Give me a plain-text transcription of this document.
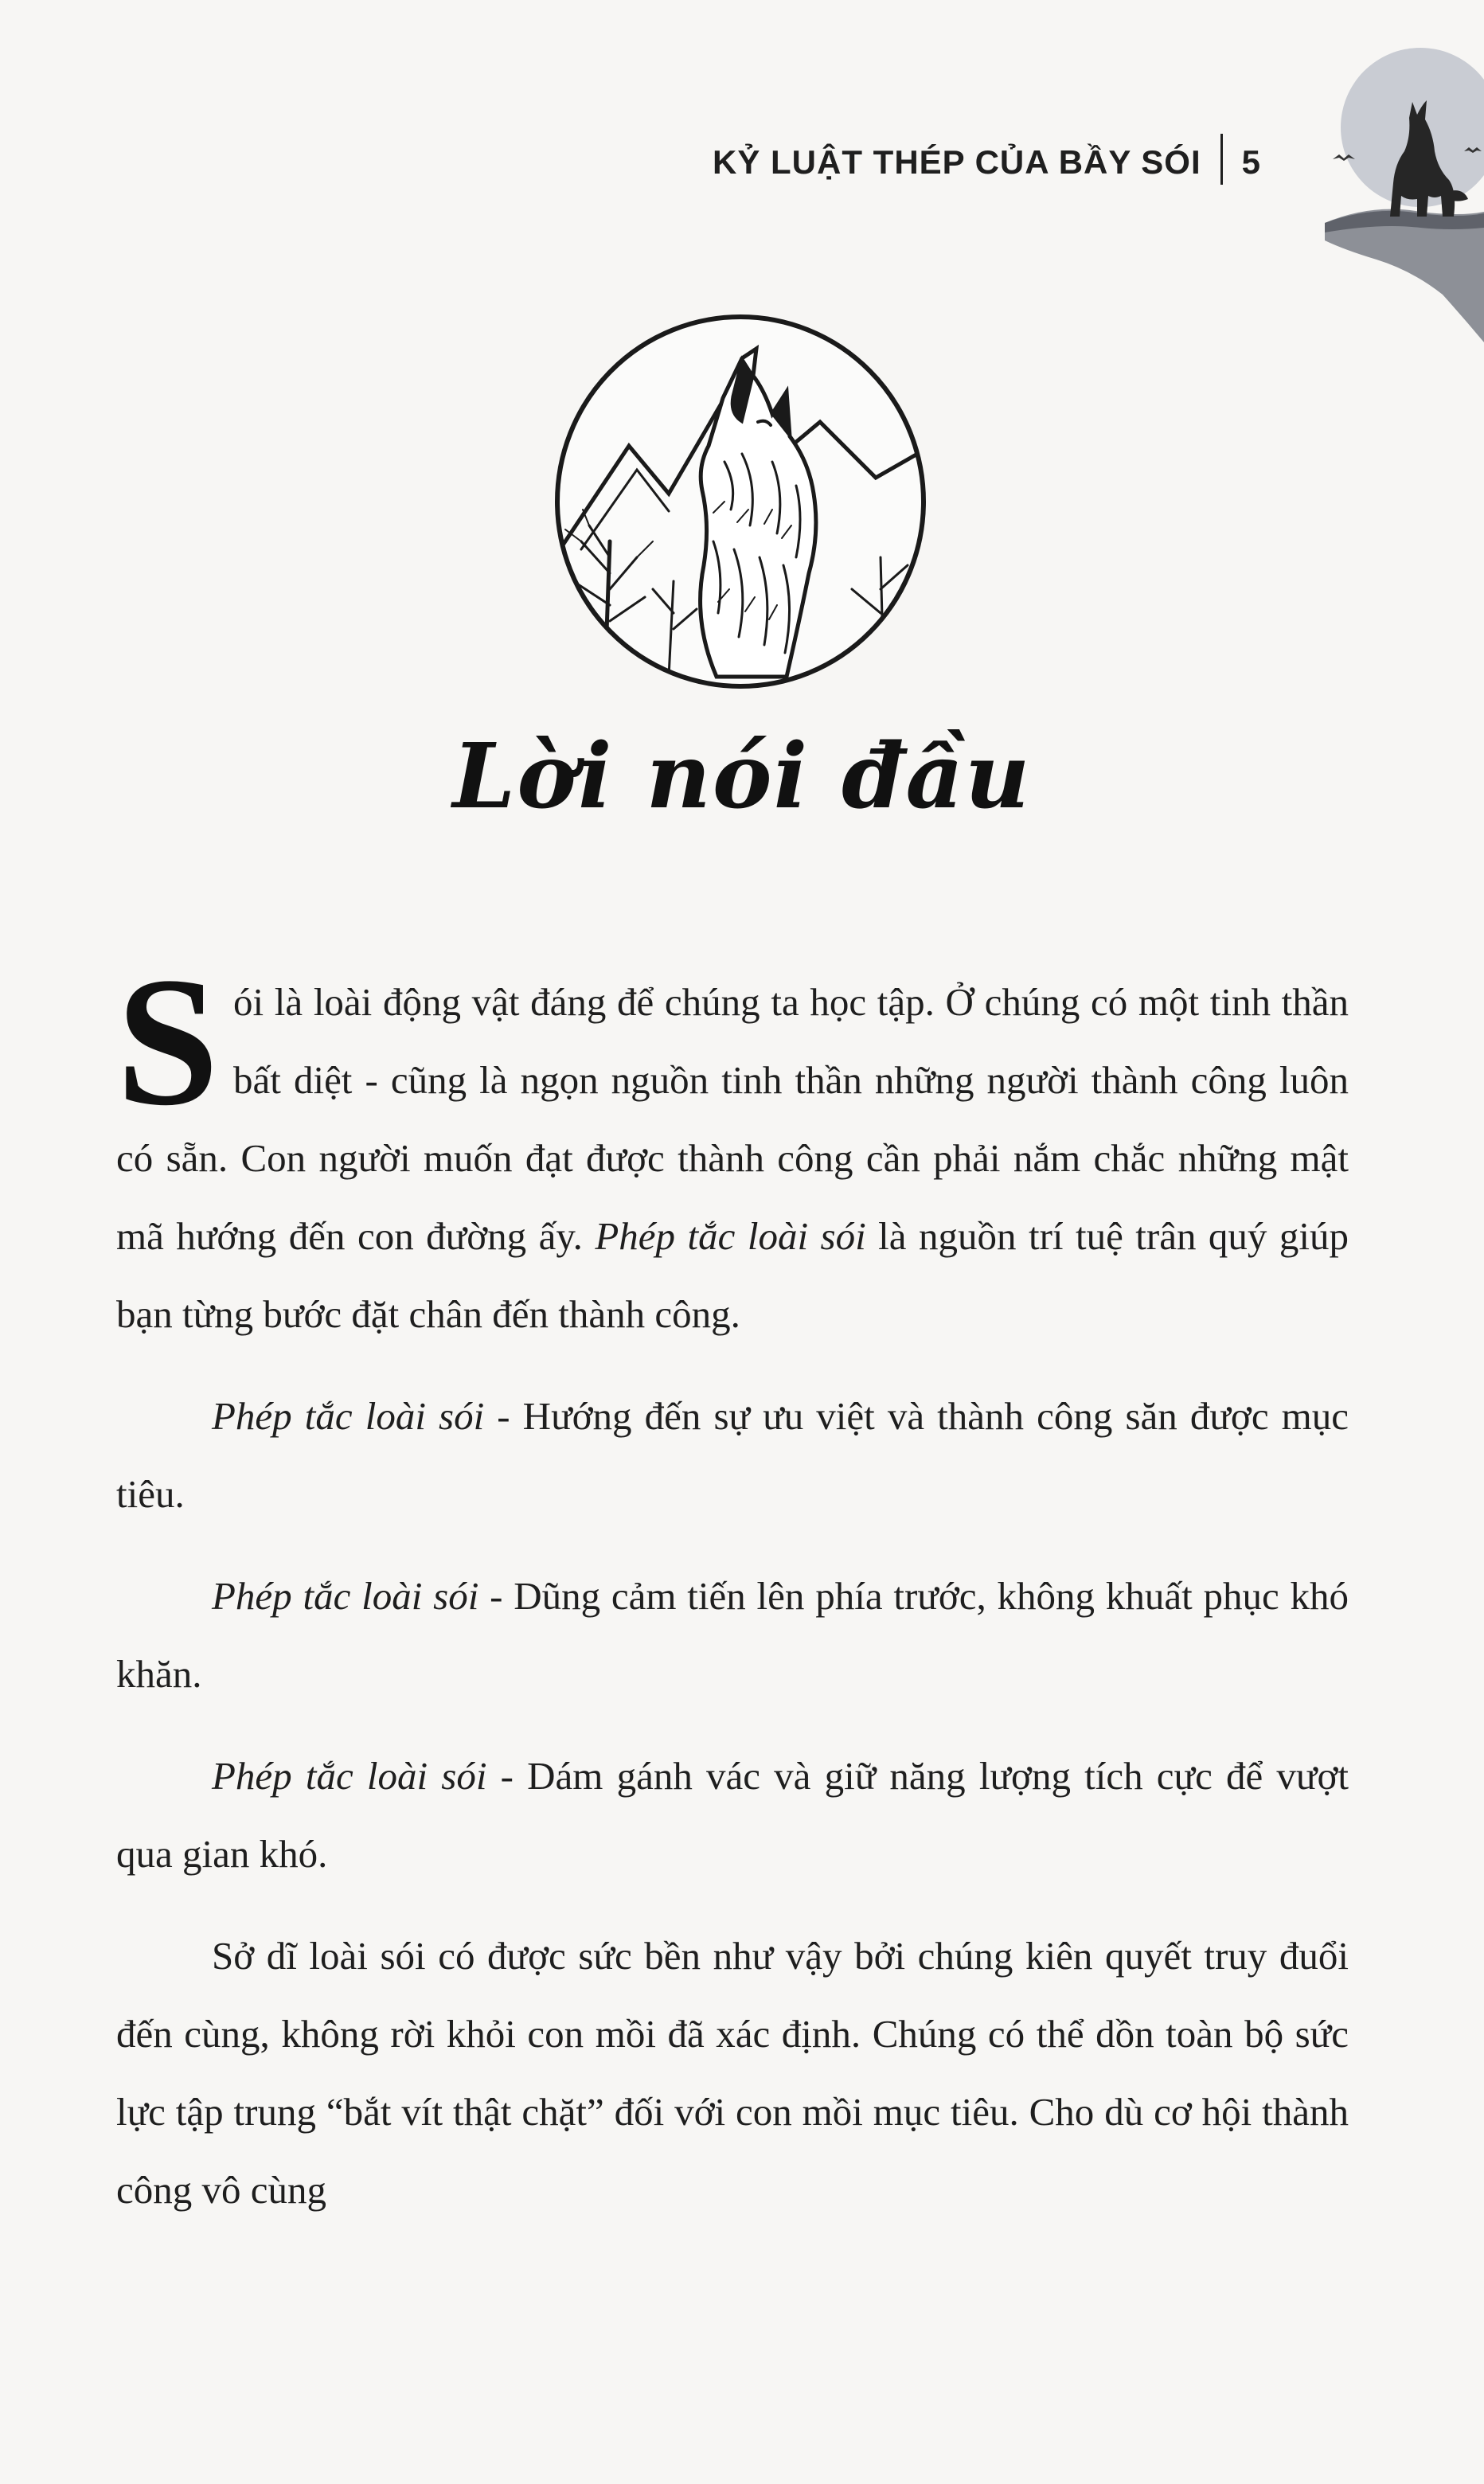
KỶ LUẬT THÉP CỦA BẦY SÓI 5
Lời nói đầu

Sói là loài động vật đáng để chúng ta học tập. Ở chúng có một tinh thần bất diệt - cũng là ngọn nguồn tinh thần những người thành công luôn có sẵn. Con người muốn đạt được thành công cần phải nắm chắc những mật mã hướng đến con đường ấy. Phép tắc loài sói là nguồn trí tuệ trân quý giúp bạn từng bước đặt chân đến thành công.

Phép tắc loài sói - Hướng đến sự ưu việt và thành công săn được mục tiêu.

Phép tắc loài sói - Dũng cảm tiến lên phía trước, không khuất phục khó khăn.

Phép tắc loài sói - Dám gánh vác và giữ năng lượng tích cực để vượt qua gian khó.

Sở dĩ loài sói có được sức bền như vậy bởi chúng kiên quyết truy đuổi đến cùng, không rời khỏi con mồi đã xác định. Chúng có thể dồn toàn bộ sức lực tập trung “bắt vít thật chặt” đối với con mồi mục tiêu. Cho dù cơ hội thành công vô cùng
